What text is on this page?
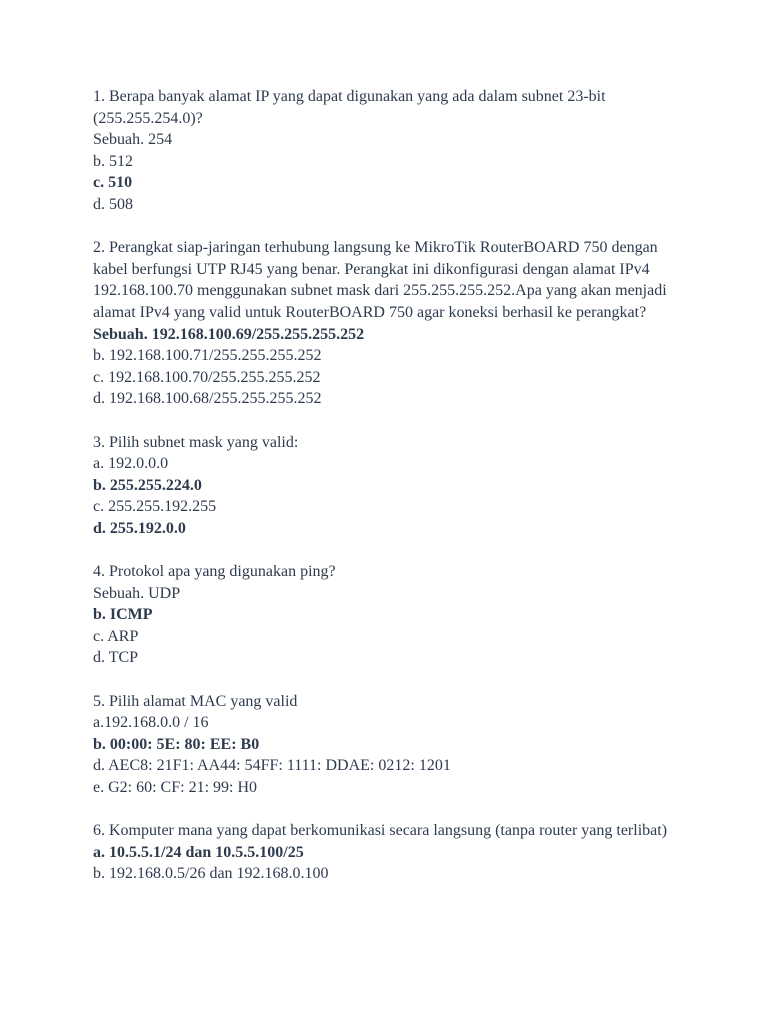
1. Berapa banyak alamat IP yang dapat digunakan yang ada dalam subnet 23-bit (255.255.254.0)?
Sebuah. 254
b. 512
c. 510
d. 508
2. Perangkat siap-jaringan terhubung langsung ke MikroTik RouterBOARD 750 dengan kabel berfungsi UTP RJ45 yang benar. Perangkat ini dikonfigurasi dengan alamat IPv4 192.168.100.70 menggunakan subnet mask dari 255.255.255.252.Apa yang akan menjadi alamat IPv4 yang valid untuk RouterBOARD 750 agar koneksi berhasil ke perangkat?
Sebuah. 192.168.100.69/255.255.255.252
b. 192.168.100.71/255.255.255.252
c. 192.168.100.70/255.255.255.252
d. 192.168.100.68/255.255.255.252
3. Pilih subnet mask yang valid:
a. 192.0.0.0
b. 255.255.224.0
c. 255.255.192.255
d. 255.192.0.0
4. Protokol apa yang digunakan ping?
Sebuah. UDP
b. ICMP
c. ARP
d. TCP
5. Pilih alamat MAC yang valid
a.192.168.0.0 / 16
b. 00:00: 5E: 80: EE: B0
d. AEC8: 21F1: AA44: 54FF: 1111: DDAE: 0212: 1201
e. G2: 60: CF: 21: 99: H0
6. Komputer mana yang dapat berkomunikasi secara langsung (tanpa router yang terlibat)
a. 10.5.5.1/24 dan 10.5.5.100/25
b. 192.168.0.5/26 dan 192.168.0.100
